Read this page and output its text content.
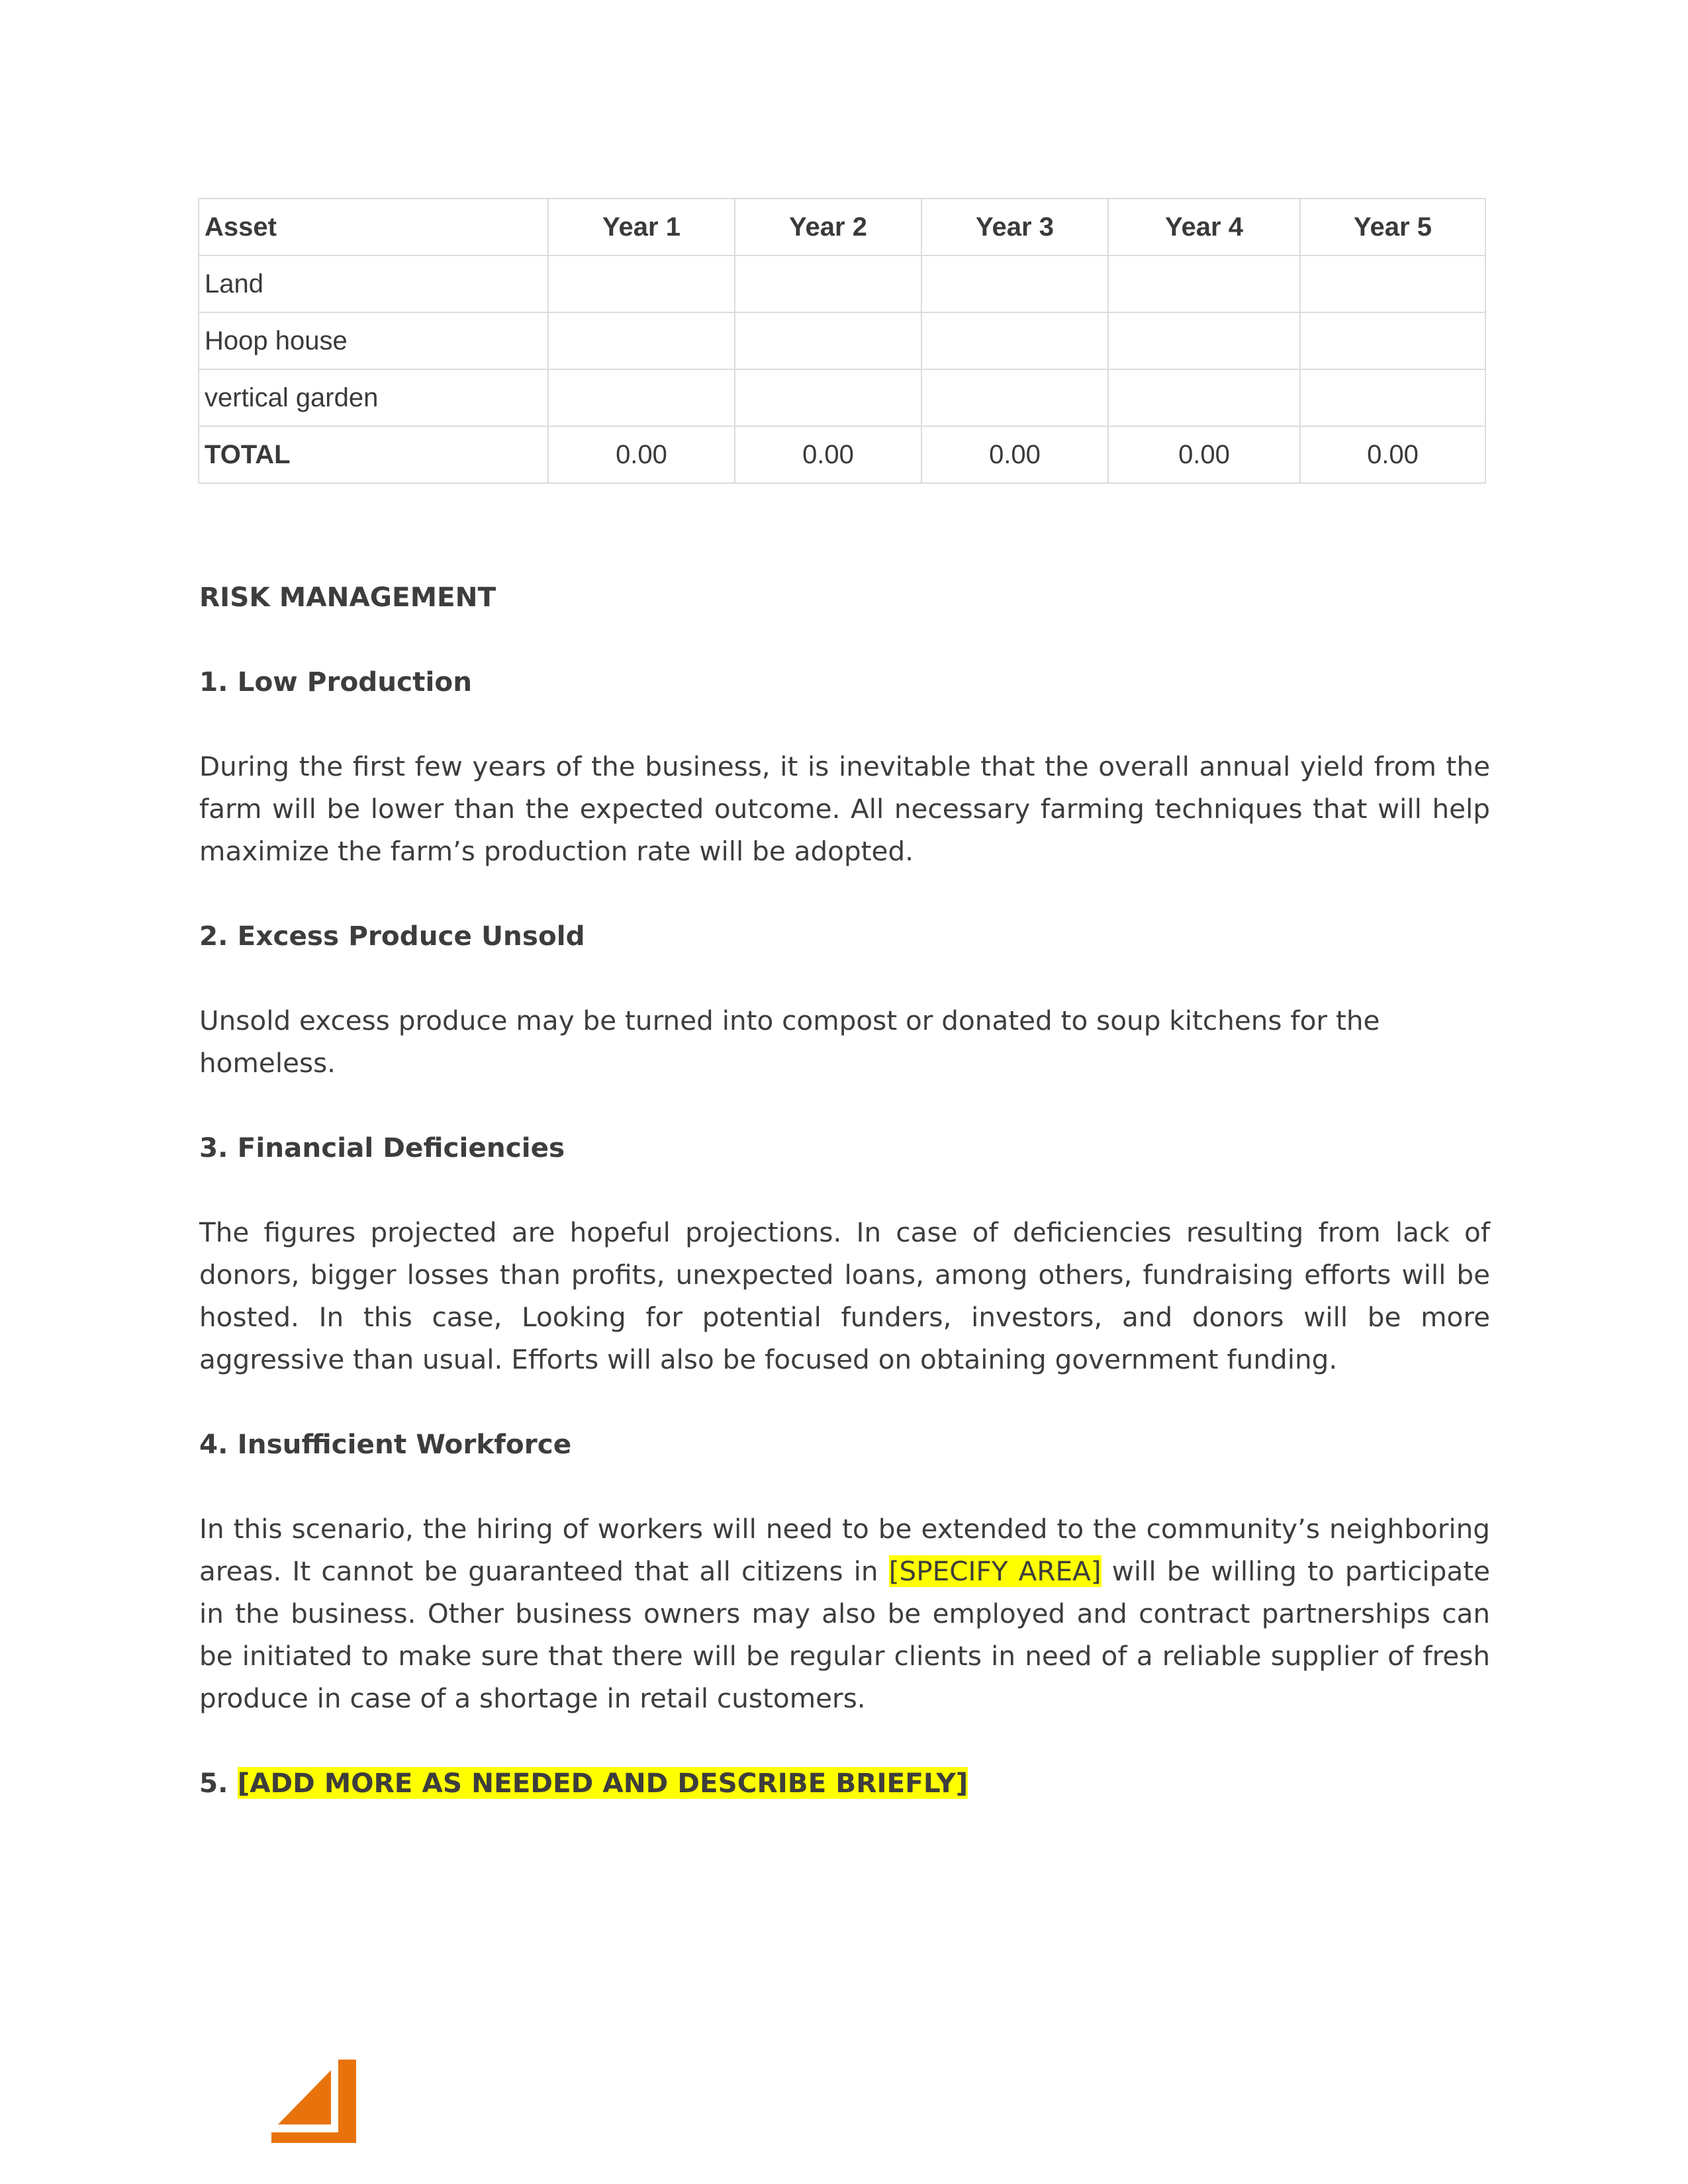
Asset	Year 1	Year 2	Year 3	Year 4	Year 5
Land					
Hoop house					
vertical garden					
TOTAL	0.00	0.00	0.00	0.00	0.00
RISK MANAGEMENT
1. Low Production
During the first few years of the business, it is inevitable that the overall annual yield from the farm will be lower than the expected outcome. All necessary farming techniques that will help maximize the farm’s production rate will be adopted.
2. Excess Produce Unsold
Unsold excess produce may be turned into compost or donated to soup kitchens for the homeless.
3. Financial Deficiencies
The figures projected are hopeful projections. In case of deficiencies resulting from lack of donors, bigger losses than profits, unexpected loans, among others, fundraising efforts will be hosted. In this case, Looking for potential funders, investors, and donors will be more aggressive than usual. Efforts will also be focused on obtaining government funding.
4. Insufficient Workforce
In this scenario, the hiring of workers will need to be extended to the community’s neighboring areas. It cannot be guaranteed that all citizens in [SPECIFY AREA] will be willing to participate in the business. Other business owners may also be employed and contract partnerships can be initiated to make sure that there will be regular clients in need of a reliable supplier of fresh produce in case of a shortage in retail customers.
5. [ADD MORE AS NEEDED AND DESCRIBE BRIEFLY]
